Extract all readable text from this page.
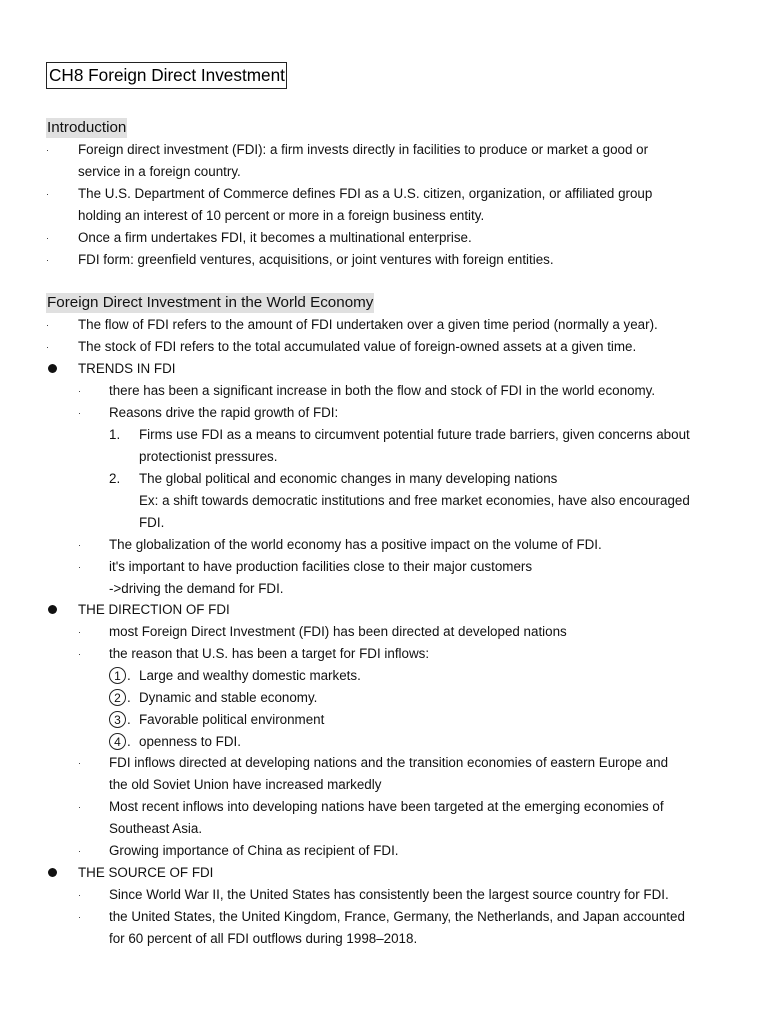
CH8 Foreign Direct Investment
Introduction
· Foreign direct investment (FDI): a firm invests directly in facilities to produce or market a good or
service in a foreign country.
· The U.S. Department of Commerce defines FDI as a U.S. citizen, organization, or affiliated group
holding an interest of 10 percent or more in a foreign business entity.
· Once a firm undertakes FDI, it becomes a multinational enterprise.
· FDI form: greenfield ventures, acquisitions, or joint ventures with foreign entities.
Foreign Direct Investment in the World Economy
· The flow of FDI refers to the amount of FDI undertaken over a given time period (normally a year).
· The stock of FDI refers to the total accumulated value of foreign-owned assets at a given time.
TRENDS IN FDI
· there has been a significant increase in both the flow and stock of FDI in the world economy.
· Reasons drive the rapid growth of FDI:
1. Firms use FDI as a means to circumvent potential future trade barriers, given concerns about
protectionist pressures.
2. The global political and economic changes in many developing nations
Ex: a shift towards democratic institutions and free market economies, have also encouraged
FDI.
· The globalization of the world economy has a positive impact on the volume of FDI.
· it's important to have production facilities close to their major customers
->driving the demand for FDI.
THE DIRECTION OF FDI
· most Foreign Direct Investment (FDI) has been directed at developed nations
· the reason that U.S. has been a target for FDI inflows:
1 . Large and wealthy domestic markets.
2 . Dynamic and stable economy.
3 . Favorable political environment
4 . openness to FDI.
· FDI inflows directed at developing nations and the transition economies of eastern Europe and
the old Soviet Union have increased markedly
· Most recent inflows into developing nations have been targeted at the emerging economies of
Southeast Asia.
· Growing importance of China as recipient of FDI.
THE SOURCE OF FDI
· Since World War II, the United States has consistently been the largest source country for FDI.
· the United States, the United Kingdom, France, Germany, the Netherlands, and Japan accounted
for 60 percent of all FDI outflows during 1998–2018.
